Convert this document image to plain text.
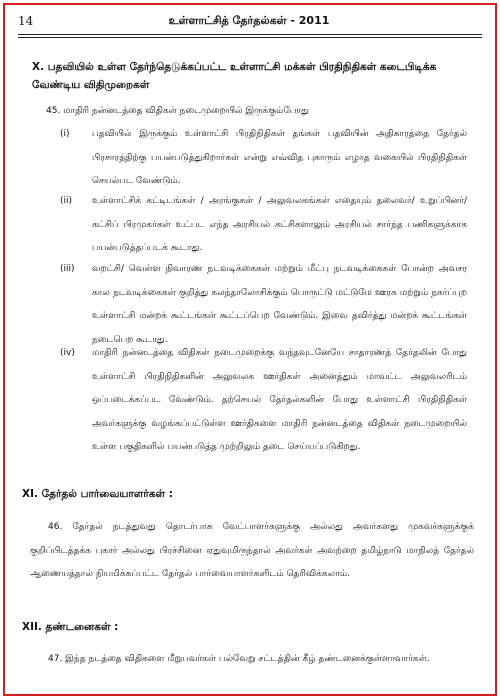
14	உள்ளாட்சித் தேர்தல்கள் - 2011
X. பதவியில் உள்ள தேர்ந்தெடுக்கப்பட்ட உள்ளாட்சி மக்கள் பிரதிநிதிகள் கடைபிடிக்க வேண்டிய விதிமுறைகள்
45. மாதிரி நன்னடத்தை விதிகள் நடைமுறையில் இருக்கும்போது
(i) பதவியில் இருக்கும் உள்ளாட்சி பிரதிநிதிகள் தங்கள் பதவியின் அதிகாரத்தை தேர்தல் பிரசாரத்திற்கு பயன்படுத்துகிறார்கள் என்று எவ்வித புகாரும் எழாத வகையில் பிரதிநிதிகள் செயல்பட வேண்டும்.
(ii) உள்ளாட்சிக் கட்டிடங்கள் / அரங்குகள் / அலுவலகங்கள் எதையும் தலைவர்/ உறுப்பினர்/கட்சிப் பிரமுகர்கள் உட்பட எந்த அரசியல் கட்சிகளாலும் அரசியல் சார்ந்த பணிகளுக்காக பயன்படுத்தப்படக் கூடாது.
(iii) வறட்சி/ வெள்ள நிவாரண நடவடிக்கைகள் மற்றும் மீட்பு நடவடிக்கைகள் போன்ற அவசர கால நடவடிக்கைகள் குறித்து கலந்தாலோசிக்கும் பொருட்டு மட்டுமே ஊரக மற்றும் நகர்ப்புற உள்ளாட்சி மன்றக் கூட்டங்கள் கூட்டப்பெற வேண்டும். இவை தவிர்த்து மன்றக் கூட்டங்கள் நடைபெற கூடாது.
(iv) மாதிரி நன்னடத்தை விதிகள் நடைமுறைக்கு வந்தவுடனேயே சாதாரணத் தேர்தலின் போது உள்ளாட்சி பிரதிநிதிகளின் அலுவலக ஊர்திகள் அனைத்தும் மாவட்ட அலுவலரிடம் ஒப்படைக்கப்பட வேண்டும். தற்செயல் தேர்தல்களின் போது உள்ளாட்சி பிரதிநிதிகள் அவர்களுக்கு வழங்கப்பட்டுள்ள ஊர்திகளை மாதிரி நன்னடத்தை விதிகள் நடைமுறையில் உள்ள பகுதிகளில் பயன்படுத்த முற்றிலும் தடை செய்யப்படுகிறது.
XI. தேர்தல் பார்வையாளர்கள் :
46. தேர்தல் நடத்துவது தொடர்பாக வேட்பாளர்களுக்கு அல்லது அவர்களது முகவர்களுக்குக் குறிப்பிடத்தக்க புகார் அல்லது பிரச்சினை ஏதுவுமிருந்தால் அவர்கள் அவற்றை தமிழ்நாடு மாநிலத் தேர்தல் ஆணையத்தால் நியமிக்கப்பட்ட தேர்தல் பார்வையாளர்களிடம் தெரிவிக்கலாம்.
XII. தண்டனைகள் :
47. இந்த நடத்தை விதிகளை மீறுபவர்கள் பல்வேறு சட்டத்தின் கீழ் தண்டனைக்குள்ளாவார்கள்.
